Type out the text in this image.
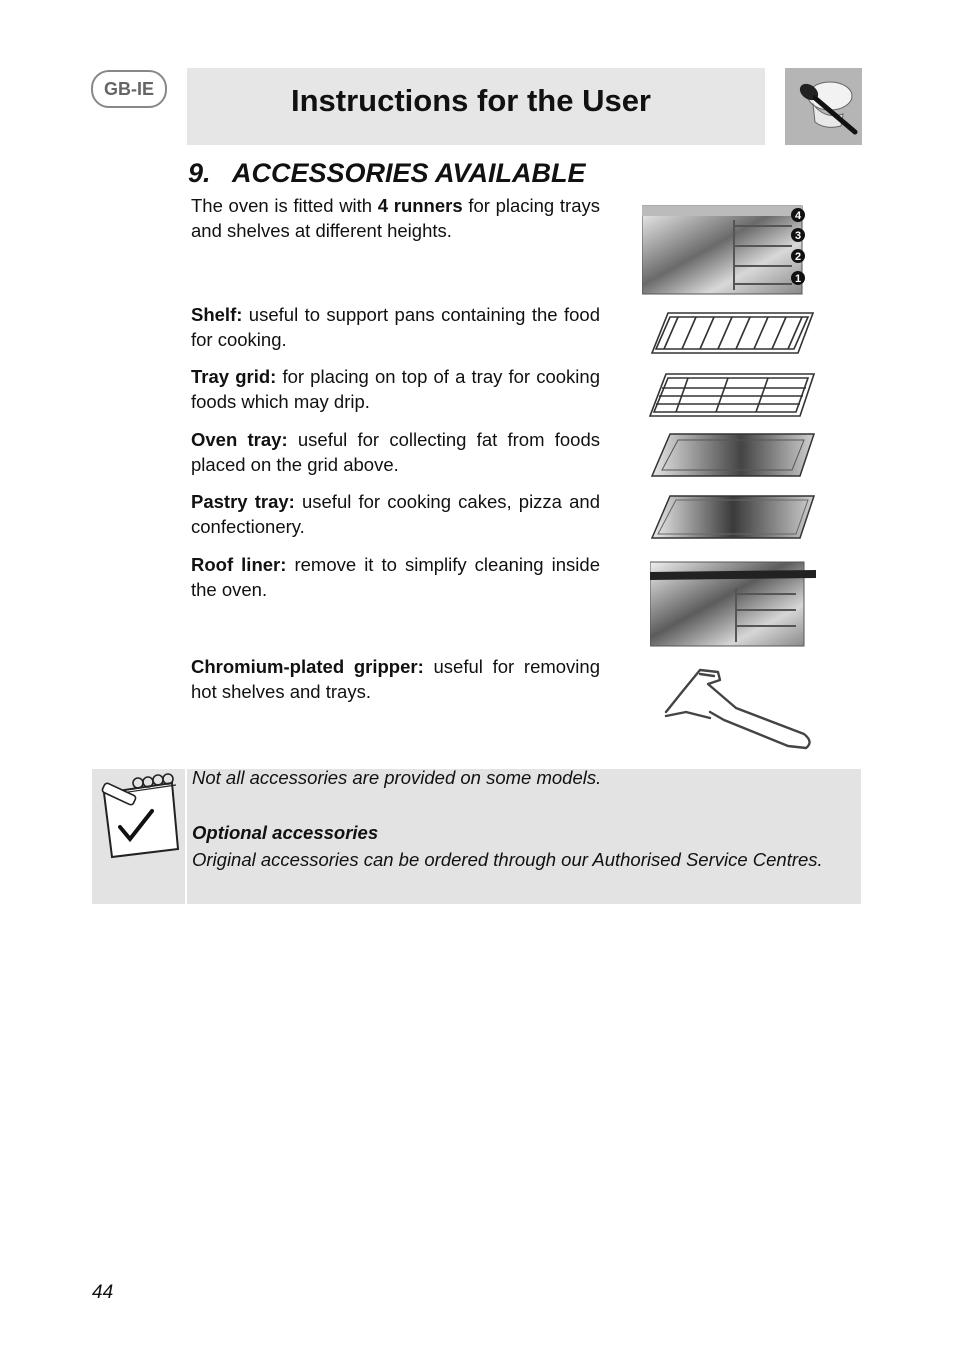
GB-IE	Instructions for the User
9. ACCESSORIES AVAILABLE

The oven is fitted with 4 runners for placing trays and shelves at different heights.

4
3
2
1

Shelf: useful to support pans containing the food for cooking.

Tray grid: for placing on top of a tray for cooking foods which may drip.

Oven tray: useful for collecting fat from foods placed on the grid above.

Pastry tray: useful for cooking cakes, pizza and confectionery.

Roof liner: remove it to simplify cleaning inside the oven.

Chromium-plated gripper: useful for removing hot shelves and trays.

Not all accessories are provided on some models.

Optional accessories

Original accessories can be ordered through our Authorised Service Centres.

44
